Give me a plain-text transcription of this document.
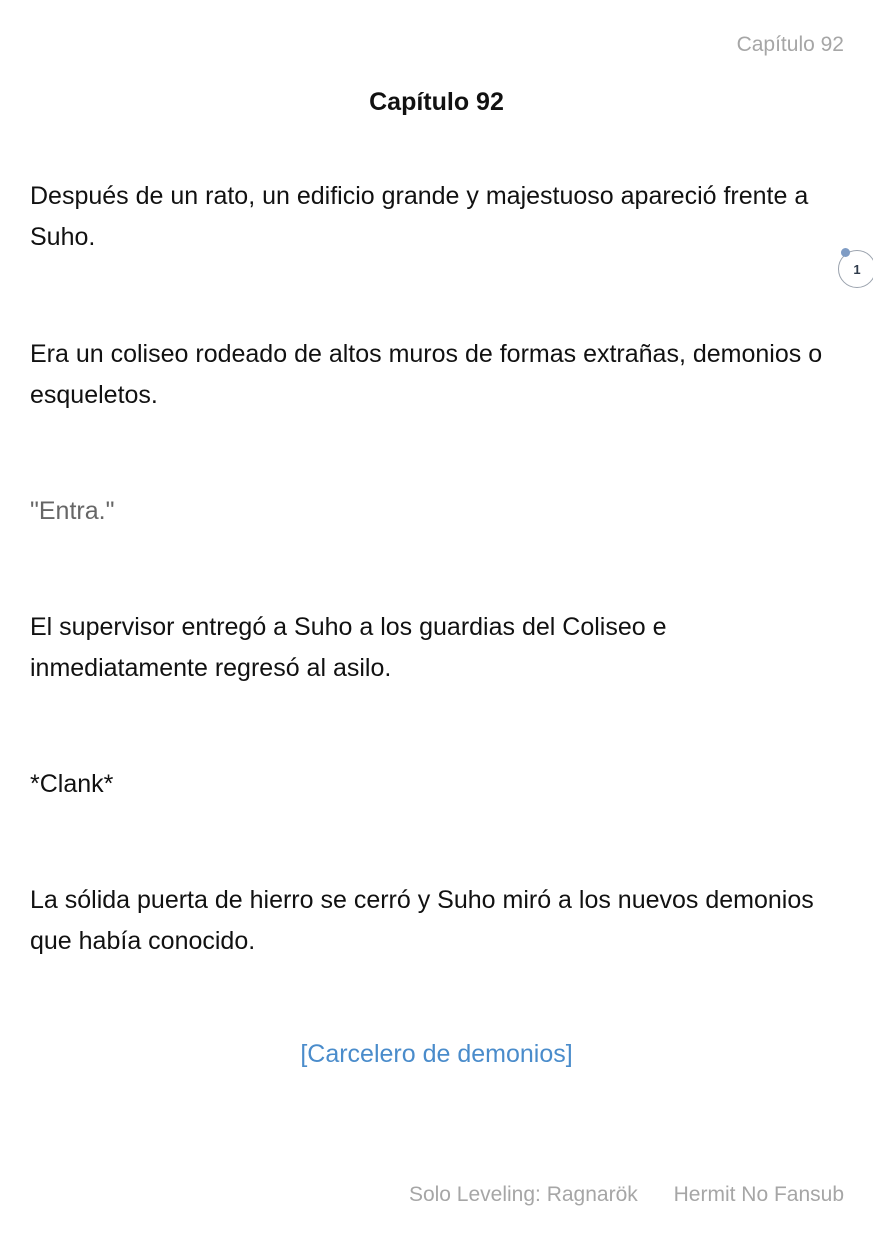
Capítulo 92
Capítulo 92

Después de un rato, un edificio grande y majestuoso apareció frente a Suho.

1

Era un coliseo rodeado de altos muros de formas extrañas, demonios o esqueletos.

"Entra."

El supervisor entregó a Suho a los guardias del Coliseo e inmediatamente regresó al asilo.

*Clank*

La sólida puerta de hierro se cerró y Suho miró a los nuevos demonios que había conocido.

[Carcelero de demonios]
Solo Leveling: Ragnarök Hermit No Fansub
